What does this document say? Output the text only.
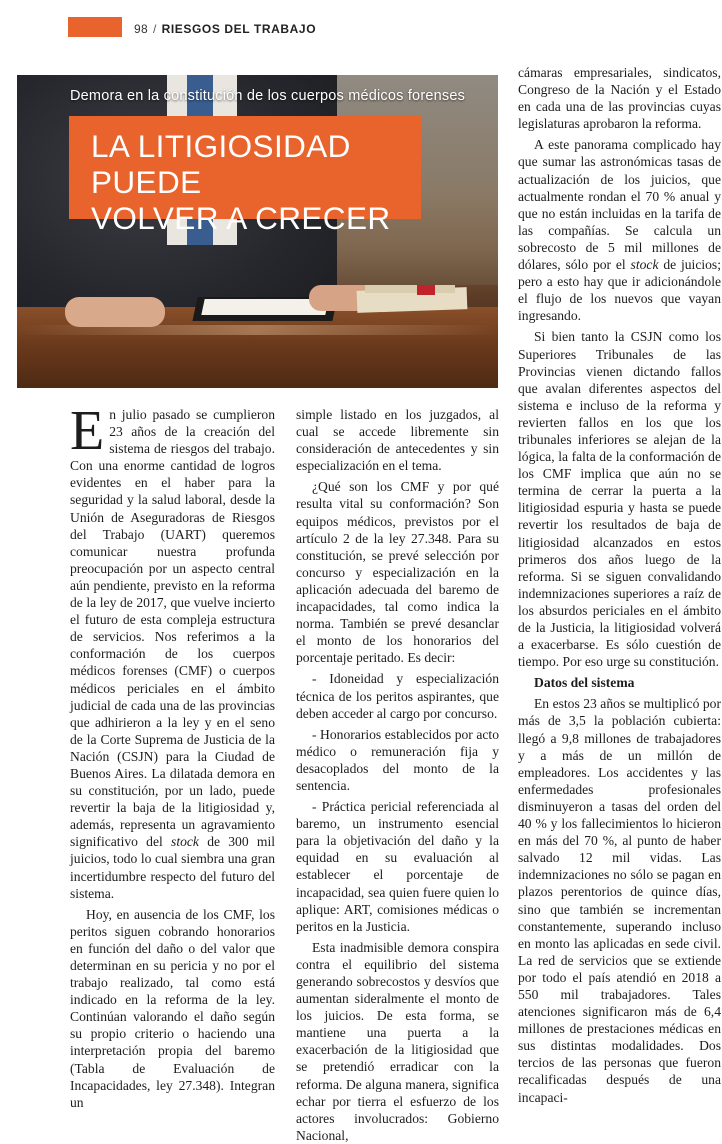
98 / RIESGOS DEL TRABAJO
Demora en la constitución de los cuerpos médicos forenses
LA LITIGIOSIDAD PUEDE
VOLVER A CRECER

En julio pasado se cumplieron 23 años de la creación del sistema de riesgos del trabajo. Con una enorme cantidad de logros evidentes en el haber para la seguridad y la salud laboral, desde la Unión de Aseguradoras de Riesgos del Trabajo (UART) queremos comunicar nuestra profunda preocupación por un aspecto central aún pendiente, previsto en la reforma de la ley de 2017, que vuelve incierto el futuro de esta compleja estructura de servicios. Nos referimos a la conformación de los cuerpos médicos forenses (CMF) o cuerpos médicos periciales en el ámbito judicial de cada una de las provincias que adhirieron a la ley y en el seno de la Corte Suprema de Justicia de la Nación (CSJN) para la Ciudad de Buenos Aires. La dilatada demora en su constitución, por un lado, puede revertir la baja de la litigiosidad y, además, representa un agravamiento significativo del stock de 300 mil juicios, todo lo cual siembra una gran incertidumbre respecto del futuro del sistema.

Hoy, en ausencia de los CMF, los peritos siguen cobrando honorarios en función del daño o del valor que determinan en su pericia y no por el trabajo realizado, tal como está indicado en la reforma de la ley. Continúan valorando el daño según su propio criterio o haciendo una interpretación propia del baremo (Tabla de Evaluación de Incapacidades, ley 27.348). Integran un

simple listado en los juzgados, al cual se accede libremente sin consideración de antecedentes y sin especialización en el tema.

¿Qué son los CMF y por qué resulta vital su conformación? Son equipos médicos, previstos por el artículo 2 de la ley 27.348. Para su constitución, se prevé selección por concurso y especialización en la aplicación adecuada del baremo de incapacidades, tal como indica la norma. También se prevé desanclar el monto de los honorarios del porcentaje peritado. Es decir:

- Idoneidad y especialización técnica de los peritos aspirantes, que deben acceder al cargo por concurso.

- Honorarios establecidos por acto médico o remuneración fija y desacoplados del monto de la sentencia.

- Práctica pericial referenciada al baremo, un instrumento esencial para la objetivación del daño y la equidad en su evaluación al establecer el porcentaje de incapacidad, sea quien fuere quien lo aplique: ART, comisiones médicas o peritos en la Justicia.

Esta inadmisible demora conspira contra el equilibrio del sistema generando sobrecostos y desvíos que aumentan sideralmente el monto de los juicios. De esta forma, se mantiene una puerta a la exacerbación de la litigiosidad que se pretendió erradicar con la reforma. De alguna manera, significa echar por tierra el esfuerzo de los actores involucrados: Gobierno Nacional,

cámaras empresariales, sindicatos, Congreso de la Nación y el Estado en cada una de las provincias cuyas legislaturas aprobaron la reforma.

A este panorama complicado hay que sumar las astronómicas tasas de actualización de los juicios, que actualmente rondan el 70 % anual y que no están incluidas en la tarifa de las compañías. Se calcula un sobrecosto de 5 mil millones de dólares, sólo por el stock de juicios; pero a esto hay que ir adicionándole el flujo de los nuevos que vayan ingresando.

Si bien tanto la CSJN como los Superiores Tribunales de las Provincias vienen dictando fallos que avalan diferentes aspectos del sistema e incluso de la reforma y revierten fallos en los que los tribunales inferiores se alejan de la lógica, la falta de la conformación de los CMF implica que aún no se termina de cerrar la puerta a la litigiosidad espuria y hasta se puede revertir los resultados de baja de litigiosidad alcanzados en estos primeros dos años luego de la reforma. Si se siguen convalidando indemnizaciones superiores a raíz de los absurdos periciales en el ámbito de la Justicia, la litigiosidad volverá a exacerbarse. Es sólo cuestión de tiempo. Por eso urge su constitución.

Datos del sistema

En estos 23 años se multiplicó por más de 3,5 la población cubierta: llegó a 9,8 millones de trabajadores y a más de un millón de empleadores. Los accidentes y las enfermedades profesionales disminuyeron a tasas del orden del 40 % y los fallecimientos lo hicieron en más del 70 %, al punto de haber salvado 12 mil vidas. Las indemnizaciones no sólo se pagan en plazos perentorios de quince días, sino que también se incrementan constantemente, superando incluso en monto las aplicadas en sede civil. La red de servicios que se extiende por todo el país atendió en 2018 a 550 mil trabajadores. Tales atenciones significaron más de 6,4 millones de prestaciones médicas en sus distintas modalidades. Dos tercios de las personas que fueron recalificadas después de una incapaci-
